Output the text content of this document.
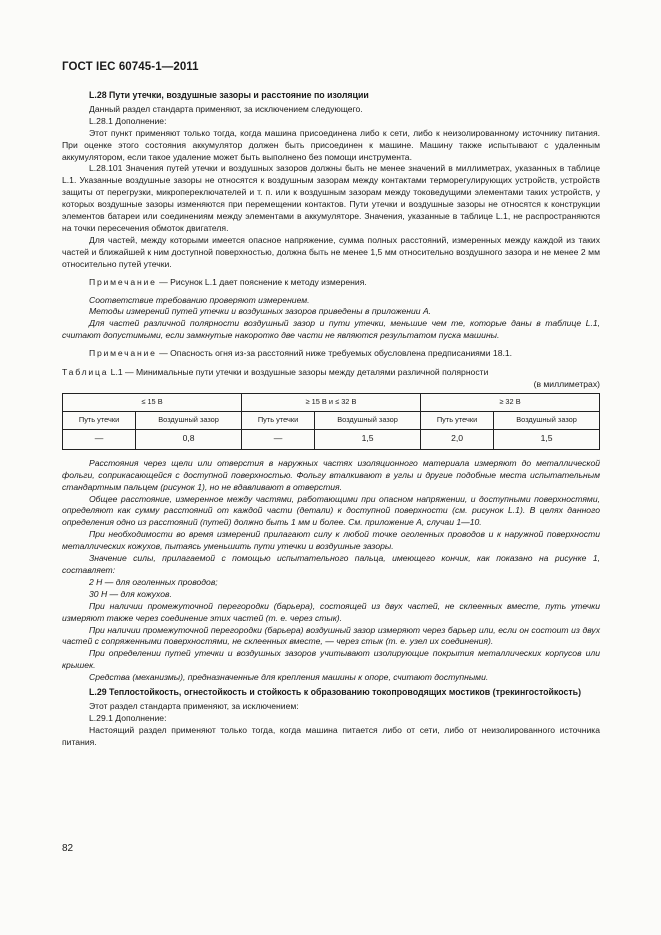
ГОСТ IEC 60745-1—2011
L.28 Пути утечки, воздушные зазоры и расстояние по изоляции

Данный раздел стандарта применяют, за исключением следующего.

L.28.1 Дополнение:

Этот пункт применяют только тогда, когда машина присоединена либо к сети, либо к неизолированному источнику питания. При оценке этого состояния аккумулятор должен быть присоединен к машине. Машину также испытывают с удаленным аккумулятором, если такое удаление может быть выполнено без помощи инструмента.

L.28.101 Значения путей утечки и воздушных зазоров должны быть не менее значений в миллиметрах, указанных в таблице L.1. Указанные воздушные зазоры не относятся к воздушным зазорам между контактами терморегулирующих устройств, устройств защиты от перегрузки, микропереключателей и т. п. или к воздушным зазорам между токоведущими элементами таких устройств, у которых воздушные зазоры изменяются при перемещении контактов. Пути утечки и воздушные зазоры не относятся к конструкции элементов батареи или соединениям между элементами в аккумуляторе. Значения, указанные в таблице L.1, не распространяются на точки пересечения обмоток двигателя.

Для частей, между которыми имеется опасное напряжение, сумма полных расстояний, измеренных между каждой из таких частей и ближайшей к ним доступной поверхностью, должна быть не менее 1,5 мм относительно воздушного зазора и не менее 2 мм относительно путей утечки.

Примечание — Рисунок L.1 дает пояснение к методу измерения.

Соответствие требованию проверяют измерением.

Методы измерений путей утечки и воздушных зазоров приведены в приложении А.

Для частей различной полярности воздушный зазор и пути утечки, меньшие чем те, которые даны в таблице L.1, считают допустимыми, если замкнутые накоротко две части не являются результатом пуска машины.

Примечание — Опасность огня из-за расстояний ниже требуемых обусловлена предписаниями 18.1.

Таблица L.1 — Минимальные пути утечки и воздушные зазоры между деталями различной полярности
(в миллиметрах)
≤ 15 В		≥ 15 В и ≤ 32 В		≥ 32 В	
Путь утечки	Воздушный зазор	Путь утечки	Воздушный зазор	Путь утечки	Воздушный зазор
—	0,8	—	1,5	2,0	1,5

Расстояния через щели или отверстия в наружных частях изоляционного материала измеряют до металлической фольги, соприкасающейся с доступной поверхностью. Фольгу вталкивают в углы и другие подобные места испытательным стандартным пальцем (рисунок 1), но не вдавливают в отверстия.

Общее расстояние, измеренное между частями, работающими при опасном напряжении, и доступными поверхностями, определяют как сумму расстояний от каждой части (детали) к доступной поверхности (см. рисунок L.1). В целях данного определения одно из расстояний (путей) должно быть 1 мм и более. См. приложение А, случаи 1—10.

При необходимости во время измерений прилагают силу к любой точке оголенных проводов и к наружной поверхности металлических кожухов, пытаясь уменьшить пути утечки и воздушные зазоры.

Значение силы, прилагаемой с помощью испытательного пальца, имеющего кончик, как показано на рисунке 1, составляет:

2 Н — для оголенных проводов;

30 Н — для кожухов.

При наличии промежуточной перегородки (барьера), состоящей из двух частей, не склеенных вместе, путь утечки измеряют также через соединение этих частей (т. е. через стык).

При наличии промежуточной перегородки (барьера) воздушный зазор измеряют через барьер или, если он состоит из двух частей с сопряженными поверхностями, не склеенных вместе, — через стык (т. е. узел их соединения).

При определении путей утечки и воздушных зазоров учитывают изолирующие покрытия металлических корпусов или крышек.

Средства (механизмы), предназначенные для крепления машины к опоре, считают доступными.

L.29 Теплостойкость, огнестойкость и стойкость к образованию токопроводящих мостиков (трекингостойкость)

Этот раздел стандарта применяют, за исключением:

L.29.1 Дополнение:

Настоящий раздел применяют только тогда, когда машина питается либо от сети, либо от неизолированного источника питания.

82
